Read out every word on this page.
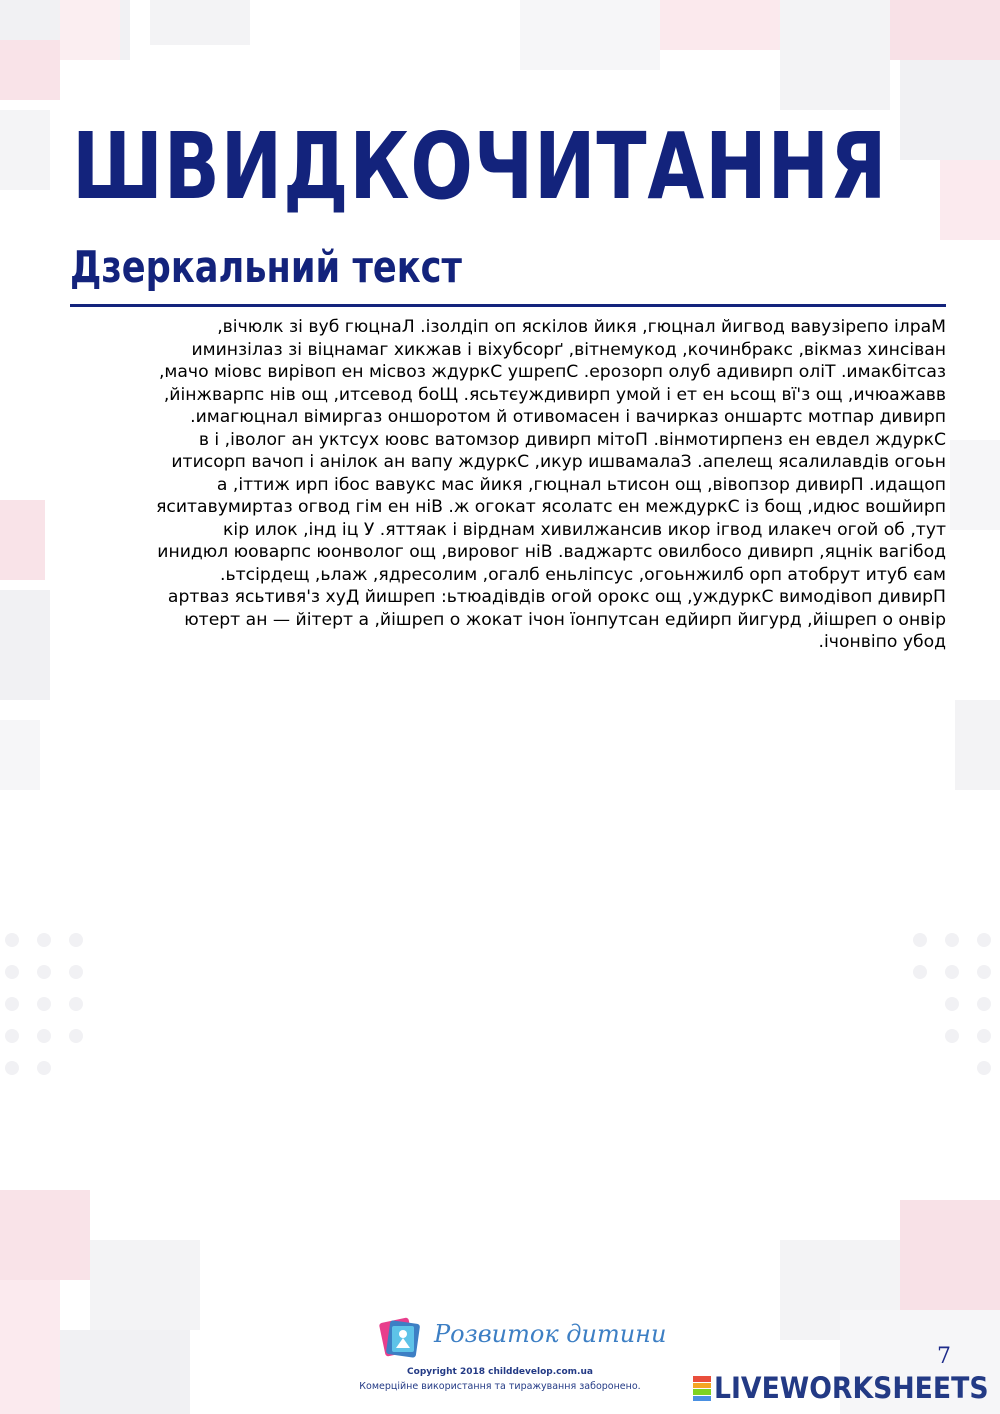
ШВИДКОЧИТАННЯ
Дзеркальний текст
,вічюлк зі вуб гюцнаЛ .ізолдіп оп яскілов йикя ,гюцнал йигвод вавузірепо ілраМ
иминзілаз зі віцнамаг хикжав і віхубсорґ ,вітнемукод ,кочинбракс ,вікмаз хинсіван
,мачо міовс вирівоп ен місвоз ждуркС ушрепС .ерозорп олуб адивирп оліТ .имакбітсаз
,йінжварпс нів ощ ,итсевод боЩ .ясьтєуждивирп умой і ет ен ьсощ вї'з ощ ,ичюажавв
.имагюцнал вімиргаз оншоротом й отивомасен і вачирказ оншартс мотпар дивирп
в і ,іволог ан уктсух юовс ватомзор дивирп мітоП .вінмотирпенз ен евдел ждуркС
итисорп вачоп і анілок ан вапу ждуркС ,икур ишвамалаЗ .апелещ ясалилавдів огоьн
а ,іттиж ирп ібос вавукс мас йикя ,гюцнал ьтисон ощ ,вівопзор дивирП .идащоп
яситавумиртаз огвод гім ен ніВ .ж огокат ясолатс ен междуркС із бощ ,идюс вошйирп
кір илок ,інд іц У .яттяак і вірднам хивилжансив икор ігвод илакеч огой об ,тут
инидюл юоварпс юонволог ощ ,вировог ніВ .ваджартс овилбосо дивирп ,яцнік вагібод
.ьтсірдещ ,ьлаж ,ядресолим ,огалб еньліпсус ,огоьнжилб орп атобрут итуб єам
артваз ясьтивя'з хуД йишреп :ьтюадівдів огой орокс ощ ,уждуркС вимодівоп дивирП
ютерт ан — йітерт а ,йішреп о жокат ічон їонпутсан едйирп йигурд ,йішреп о онвір
.ічонвіпо убод
Розвиток дитини
Copyright 2018 childdevelop.com.ua
Комерційне використання та тиражування заборонено.
7
LIVEWORKSHEETS
